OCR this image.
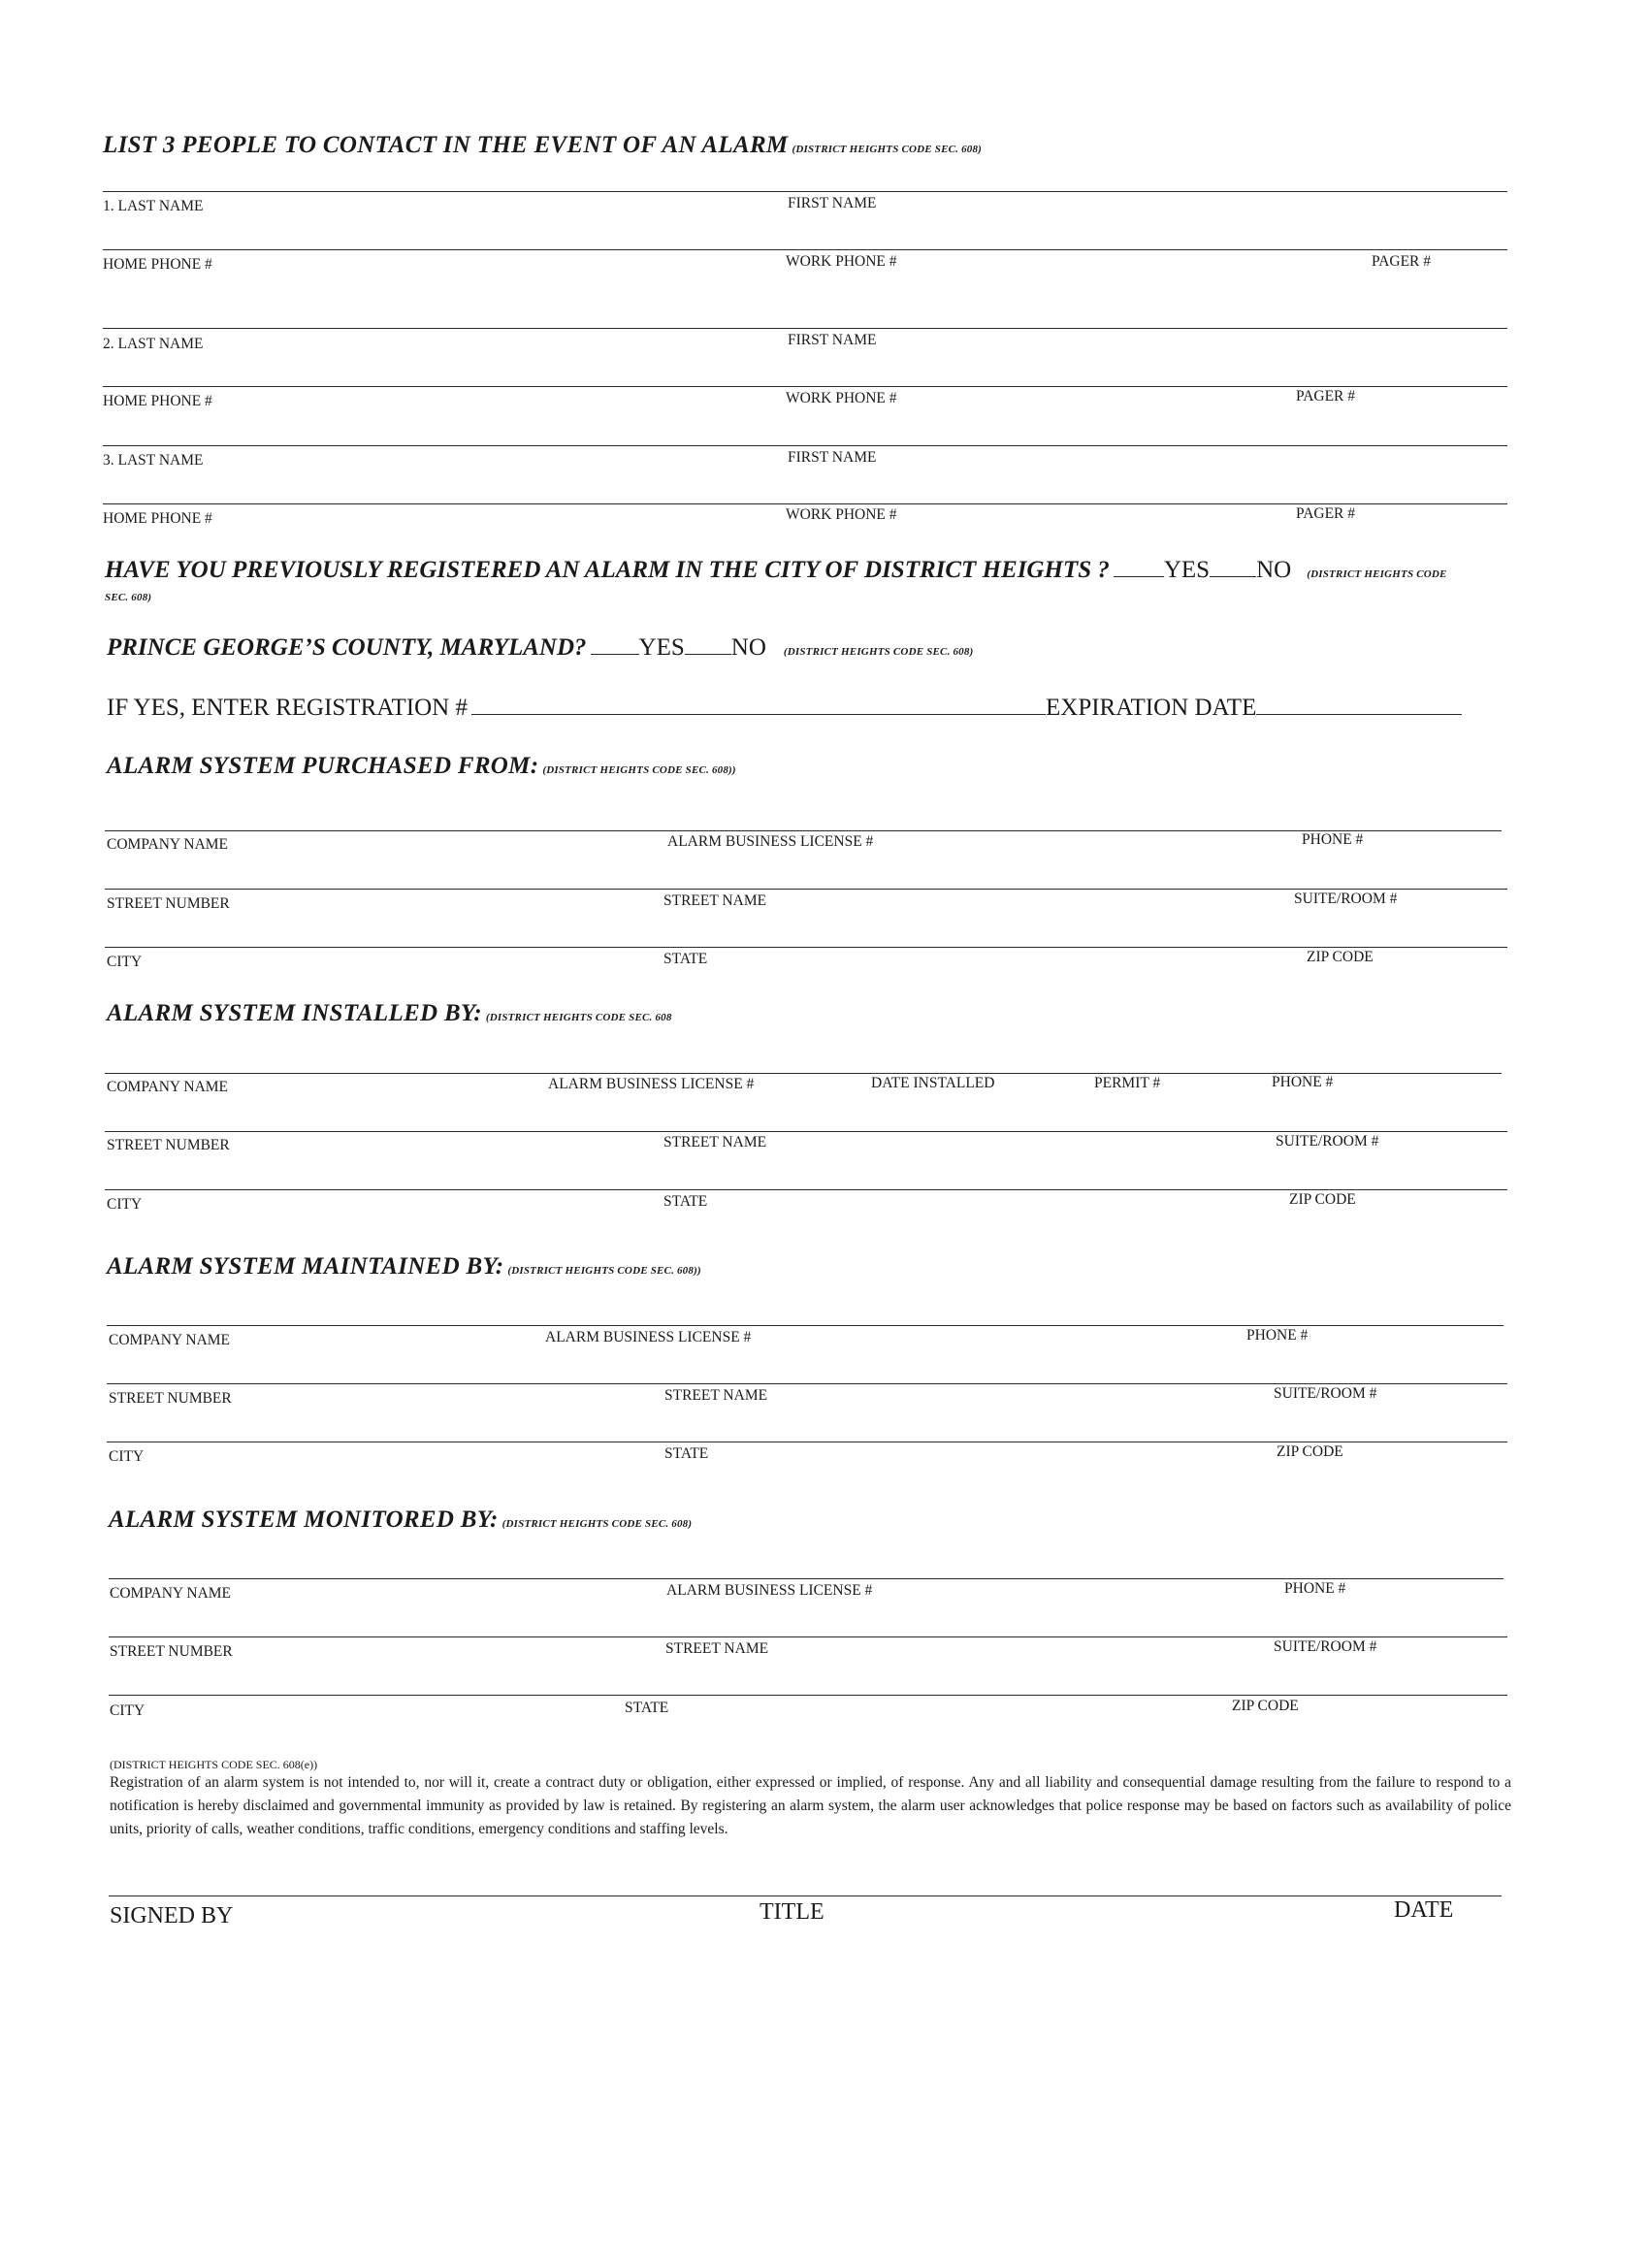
LIST 3 PEOPLE TO CONTACT IN THE EVENT OF AN ALARM (DISTRICT HEIGHTS CODE SEC. 608)
1. LAST NAME	FIRST NAME
HOME PHONE #	WORK PHONE #	PAGER #
2. LAST NAME	FIRST NAME
HOME PHONE #	WORK PHONE #	PAGER #
3. LAST NAME	FIRST NAME
HOME PHONE #	WORK PHONE #	PAGER #
HAVE YOU PREVIOUSLY REGISTERED AN ALARM IN THE CITY OF DISTRICT HEIGHTS ? YES NO (DISTRICT HEIGHTS CODE
SEC. 608)
PRINCE GEORGE’S COUNTY, MARYLAND? YES NO (DISTRICT HEIGHTS CODE SEC. 608)
IF YES, ENTER REGISTRATION #	EXPIRATION DATE
ALARM SYSTEM PURCHASED FROM: (DISTRICT HEIGHTS CODE SEC. 608))
COMPANY NAME	ALARM BUSINESS LICENSE #	PHONE #
STREET NUMBER	STREET NAME	SUITE/ROOM #
CITY	STATE	ZIP CODE
ALARM SYSTEM INSTALLED BY: (DISTRICT HEIGHTS CODE SEC. 608
COMPANY NAME	ALARM BUSINESS LICENSE #	DATE INSTALLED	PERMIT #	PHONE #
STREET NUMBER	STREET NAME	SUITE/ROOM #
CITY	STATE	ZIP CODE
ALARM SYSTEM MAINTAINED BY: (DISTRICT HEIGHTS CODE SEC. 608))
COMPANY NAME	ALARM BUSINESS LICENSE #	PHONE #
STREET NUMBER	STREET NAME	SUITE/ROOM #
CITY	STATE	ZIP CODE
ALARM SYSTEM MONITORED BY: (DISTRICT HEIGHTS CODE SEC. 608)
COMPANY NAME	ALARM BUSINESS LICENSE #	PHONE #
STREET NUMBER	STREET NAME	SUITE/ROOM #
CITY	STATE	ZIP CODE
(DISTRICT HEIGHTS CODE SEC. 608(e))
Registration of an alarm system is not intended to, nor will it, create a contract duty or obligation, either expressed or implied, of response. Any and all liability and consequential damage resulting from the failure to respond to a notification is hereby disclaimed and governmental immunity as provided by law is retained. By registering an alarm system, the alarm user acknowledges that police response may be based on factors such as availability of police units, priority of calls, weather conditions, traffic conditions, emergency conditions and staffing levels.
SIGNED BY	TITLE	DATE
